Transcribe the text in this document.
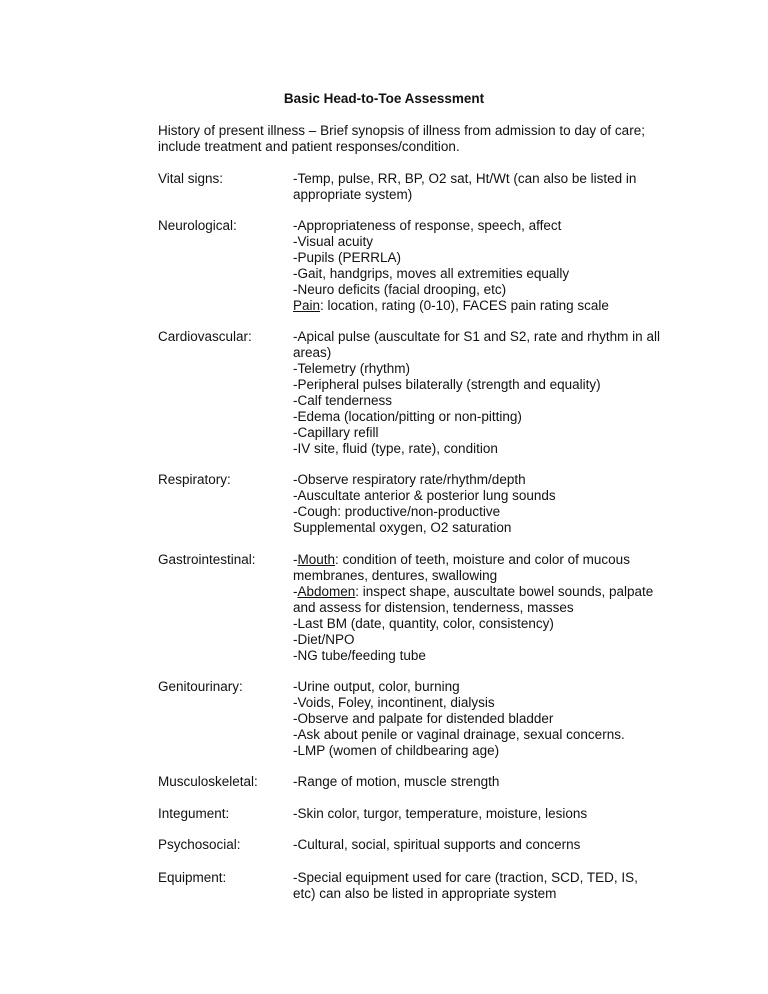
Basic Head-to-Toe Assessment
History of present illness – Brief synopsis of illness from admission to day of care; include treatment and patient responses/condition.
Vital signs:	-Temp, pulse, RR, BP, O2 sat, Ht/Wt (can also be listed in appropriate system)
Neurological:	-Appropriateness of response, speech, affect
-Visual acuity
-Pupils (PERRLA)
-Gait, handgrips, moves all extremities equally
-Neuro deficits (facial drooping, etc)
Pain: location, rating (0-10), FACES pain rating scale
Cardiovascular:	-Apical pulse (auscultate for S1 and S2, rate and rhythm in all areas)
-Telemetry (rhythm)
-Peripheral pulses bilaterally (strength and equality)
-Calf tenderness
-Edema (location/pitting or non-pitting)
-Capillary refill
-IV site, fluid (type, rate), condition
Respiratory:	-Observe respiratory rate/rhythm/depth
-Auscultate anterior & posterior lung sounds
-Cough: productive/non-productive
Supplemental oxygen, O2 saturation
Gastrointestinal:	-Mouth: condition of teeth, moisture and color of mucous membranes, dentures, swallowing
-Abdomen: inspect shape, auscultate bowel sounds, palpate and assess for distension, tenderness, masses
-Last BM (date, quantity, color, consistency)
-Diet/NPO
-NG tube/feeding tube
Genitourinary:	-Urine output, color, burning
-Voids, Foley, incontinent, dialysis
-Observe and palpate for distended bladder
-Ask about penile or vaginal drainage, sexual concerns.
-LMP (women of childbearing age)
Musculoskeletal:	-Range of motion, muscle strength
Integument:	-Skin color, turgor, temperature, moisture, lesions
Psychosocial:	-Cultural, social, spiritual supports and concerns
Equipment:	-Special equipment used for care (traction, SCD, TED, IS, etc) can also be listed in appropriate system
